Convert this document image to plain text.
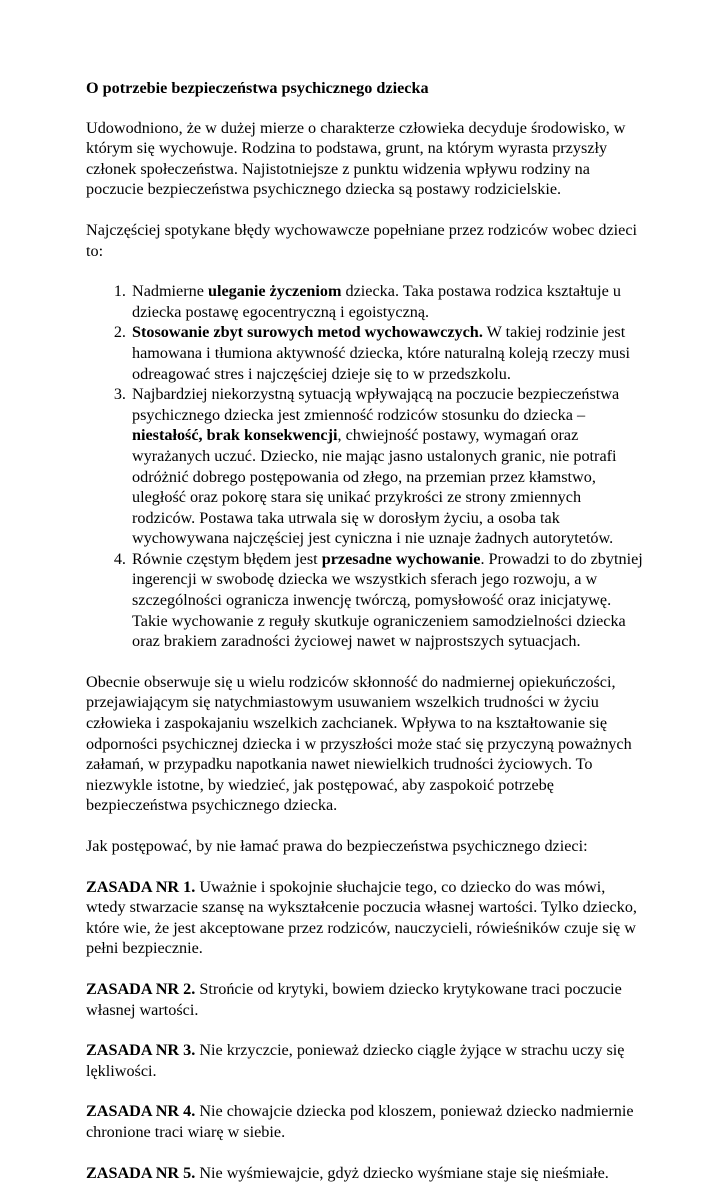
O potrzebie bezpieczeństwa psychicznego dziecka

Udowodniono, że w dużej mierze o charakterze człowieka decyduje środowisko, w którym się wychowuje. Rodzina to podstawa, grunt, na którym wyrasta przyszły członek społeczeństwa. Najistotniejsze z punktu widzenia wpływu rodziny na poczucie bezpieczeństwa psychicznego dziecka są postawy rodzicielskie.

Najczęściej spotykane błędy wychowawcze popełniane przez rodziców wobec dzieci to:

1. Nadmierne uleganie życzeniom dziecka. Taka postawa rodzica kształtuje u dziecka postawę egocentryczną i egoistyczną.
2. Stosowanie zbyt surowych metod wychowawczych. W takiej rodzinie jest hamowana i tłumiona aktywność dziecka, które naturalną koleją rzeczy musi odreagować stres i najczęściej dzieje się to w przedszkolu.
3. Najbardziej niekorzystną sytuacją wpływającą na poczucie bezpieczeństwa psychicznego dziecka jest zmienność rodziców stosunku do dziecka – niestałość, brak konsekwencji, chwiejność postawy, wymagań oraz wyrażanych uczuć. Dziecko, nie mając jasno ustalonych granic, nie potrafi odróżnić dobrego postępowania od złego, na przemian przez kłamstwo, uległość oraz pokorę stara się unikać przykrości ze strony zmiennych rodziców. Postawa taka utrwala się w dorosłym życiu, a osoba tak wychowywana najczęściej jest cyniczna i nie uznaje żadnych autorytetów.
4. Równie częstym błędem jest przesadne wychowanie. Prowadzi to do zbytniej ingerencji w swobodę dziecka we wszystkich sferach jego rozwoju, a w szczególności ogranicza inwencję twórczą, pomysłowość oraz inicjatywę. Takie wychowanie z reguły skutkuje ograniczeniem samodzielności dziecka oraz brakiem zaradności życiowej nawet w najprostszych sytuacjach.

Obecnie obserwuje się u wielu rodziców skłonność do nadmiernej opiekuńczości, przejawiającym się natychmiastowym usuwaniem wszelkich trudności w życiu człowieka i zaspokajaniu wszelkich zachcianek. Wpływa to na kształtowanie się odporności psychicznej dziecka i w przyszłości może stać się przyczyną poważnych załamań, w przypadku napotkania nawet niewielkich trudności życiowych. To niezwykle istotne, by wiedzieć, jak postępować, aby zaspokoić potrzebę bezpieczeństwa psychicznego dziecka.

Jak postępować, by nie łamać prawa do bezpieczeństwa psychicznego dzieci:

ZASADA NR 1. Uważnie i spokojnie słuchajcie tego, co dziecko do was mówi, wtedy stwarzacie szansę na wykształcenie poczucia własnej wartości. Tylko dziecko, które wie, że jest akceptowane przez rodziców, nauczycieli, rówieśników czuje się w pełni bezpiecznie.

ZASADA NR 2. Strońcie od krytyki, bowiem dziecko krytykowane traci poczucie własnej wartości.

ZASADA NR 3. Nie krzyczcie, ponieważ dziecko ciągle żyjące w strachu uczy się lękliwości.

ZASADA NR 4. Nie chowajcie dziecka pod kloszem, ponieważ dziecko nadmiernie chronione traci wiarę w siebie.

ZASADA NR 5. Nie wyśmiewajcie, gdyż dziecko wyśmiane staje się nieśmiałe.
